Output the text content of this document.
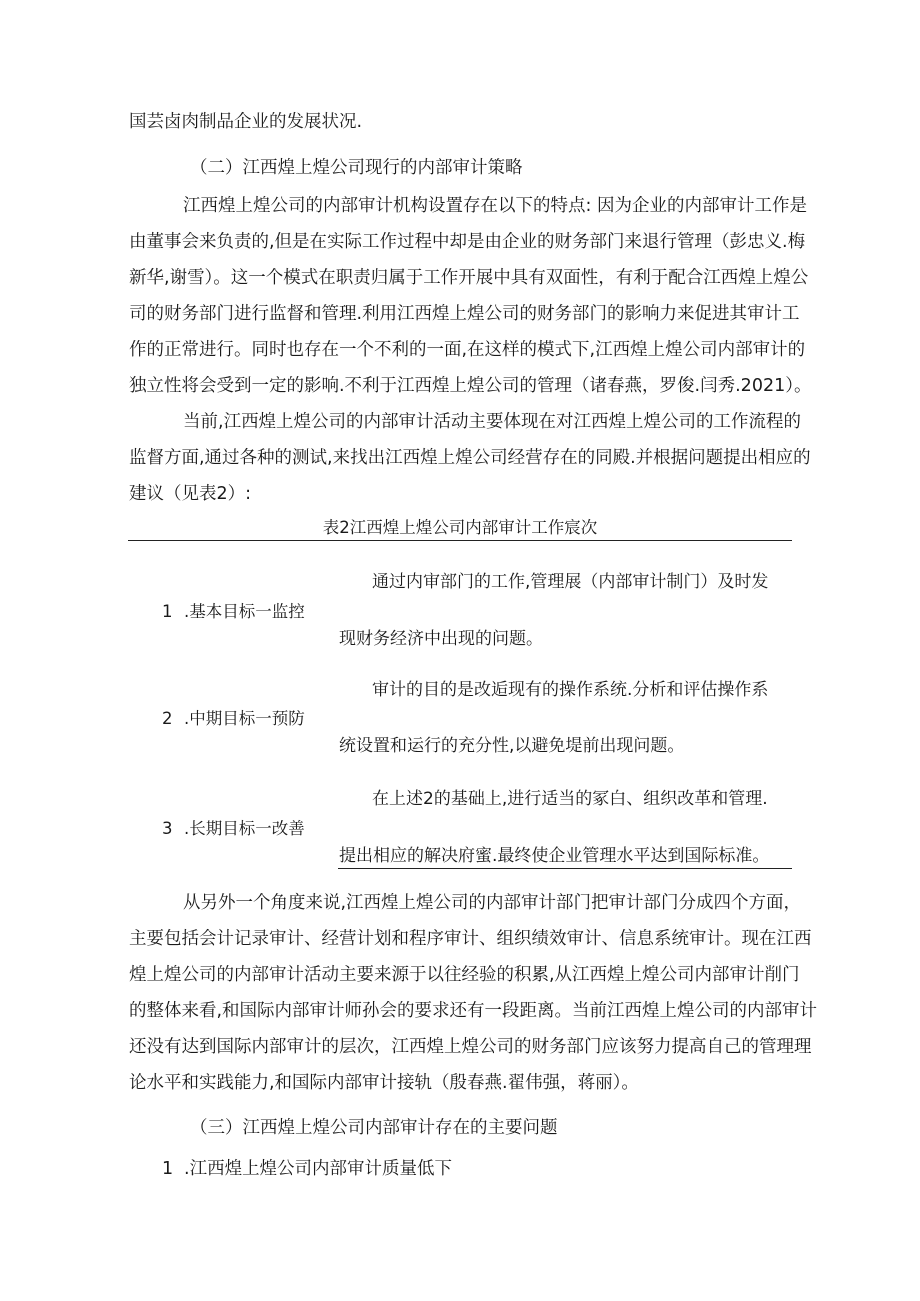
国芸卤肉制品企业的发展状况.
（二）江西煌上煌公司现行的内部审计策略
江西煌上煌公司的内部审计机构设置存在以下的特点: 因为企业的内部审计工作是
由董事会来负责的,但是在实际工作过程中却是由企业的财务部门来退行管理（彭忠义.梅
新华,谢雪）。这一个模式在职责归属于工作开展中具有双面性，有利于配合江西煌上煌公
司的财务部门进行监督和管理.利用江西煌上煌公司的财务部门的影响力来促进其审计工
作的正常进行。同时也存在一个不利的一面,在这样的模式下,江西煌上煌公司内部审计的
独立性将会受到一定的影响.不利于江西煌上煌公司的管理（诸春燕，罗俊.闫秀.2021）。
当前,江西煌上煌公司的内部审计活动主要体现在对江西煌上煌公司的工作流程的
监督方面,通过各种的测试,来找出江西煌上煌公司经营存在的同殿.并根据问题提出相应的
建议（见表2）:
表2江西煌上煌公司内部审计工作宸次
通过内审部门的工作,管理展（内部审计制门）及时发
1 .基本目标一监控
现财务经济中出现的问题。
审计的目的是改逅现有的操作系统.分析和评估操作系
2 .中期目标一预防
统设置和运行的充分性,以避免堤前出现问题。
在上述2的基础上,进行适当的冢白、组织改革和管理.
3 .长期目标一改善
提出相应的解决府蜜.最终使企业管理水平达到国际标准。
从另外一个角度来说,江西煌上煌公司的内部审计部门把审计部门分成四个方面，
主要包括会计记录审计、经营计划和程序审计、组织绩效审计、信息系统审计。现在江西
煌上煌公司的内部审计活动主要来源于以往经验的积累,从江西煌上煌公司内部审计削门
的整体来看,和国际内部审计师孙会的要求还有一段距离。当前江西煌上煌公司的内部审计
还没有达到国际内部审计的层次，江西煌上煌公司的财务部门应该努力提高自己的管理理
论水平和实践能力,和国际内部审计接轨（殷春燕.翟伟强，蒋丽）。
（三）江西煌上煌公司内部审计存在的主要问题
1 .江西煌上煌公司内部审计质量低下
